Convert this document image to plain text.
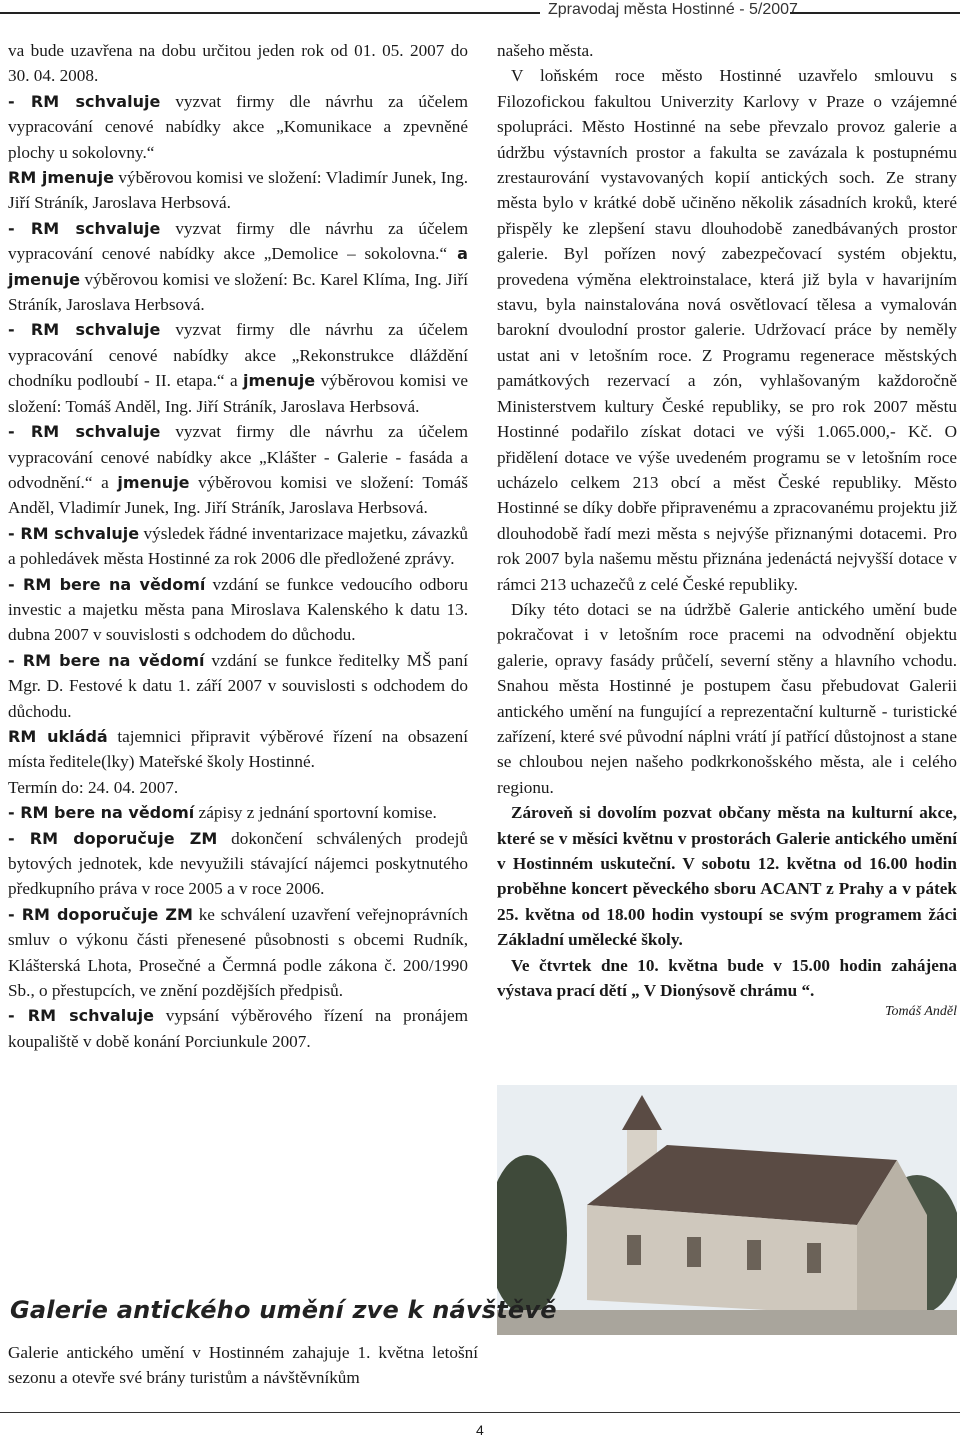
Zpravodaj města Hostinné - 5/2007

va bude uzavřena na dobu určitou jeden rok od 01. 05. 2007 do 30. 04. 2008.

- RM schvaluje vyzvat firmy dle návrhu za účelem vypracování cenové nabídky akce „Komunikace a zpevněné plochy u sokolovny.“

RM jmenuje výběrovou komisi ve složení: Vladimír Junek, Ing. Jiří Stráník, Jaroslava Herbsová.

- RM schvaluje vyzvat firmy dle návrhu za účelem vypracování cenové nabídky akce „Demolice – sokolovna.“ a jmenuje výběrovou komisi ve složení: Bc. Karel Klíma, Ing. Jiří Stráník, Jaroslava Herbsová.

- RM schvaluje vyzvat firmy dle návrhu za účelem vypracování cenové nabídky akce „Rekonstrukce dláždění chodníku podloubí - II. etapa.“ a jmenuje výběrovou komisi ve složení: Tomáš Anděl, Ing. Jiří Stráník, Jaroslava Herbsová.

- RM schvaluje vyzvat firmy dle návrhu za účelem vypracování cenové nabídky akce „Klášter - Galerie - fasáda a odvodnění.“ a jmenuje výběrovou komisi ve složení: Tomáš Anděl, Vladimír Junek, Ing. Jiří Stráník, Jaroslava Herbsová.

- RM schvaluje výsledek řádné inventarizace majetku, závazků a pohledávek města Hostinné za rok 2006 dle předložené zprávy.

- RM bere na vědomí vzdání se funkce vedoucího odboru investic a majetku města pana Miroslava Kalenského k datu 13. dubna 2007 v souvislosti s odchodem do důchodu.

- RM bere na vědomí vzdání se funkce ředitelky MŠ paní Mgr. D. Festové k datu 1. září 2007 v souvislosti s odchodem do důchodu.

RM ukládá tajemnici připravit výběrové řízení na obsazení místa ředitele(lky) Mateřské školy Hostinné.

Termín do: 24. 04. 2007.

- RM bere na vědomí zápisy z jednání sportovní komise.

- RM doporučuje ZM dokončení schválených prodejů bytových jednotek, kde nevyužili stávající nájemci poskytnutého předkupního práva v roce 2005 a v roce 2006.

- RM doporučuje ZM ke schválení uzavření veřejnoprávních smluv o výkonu části přenesené působnosti s obcemi Rudník, Klášterská Lhota, Prosečné a Čermná podle zákona č. 200/1990 Sb., o přestupcích, ve znění pozdějších předpisů.

- RM schvaluje vypsání výběrového řízení na pronájem koupaliště v době konání Porciunkule 2007.

našeho města.

V loňském roce město Hostinné uzavřelo smlouvu s Filozofickou fakultou Univerzity Karlovy v Praze o vzájemné spolupráci. Město Hostinné na sebe převzalo provoz galerie a údržbu výstavních prostor a fakulta se zavázala k postupnému zrestaurování vystavovaných kopií antických soch. Ze strany města bylo v krátké době učiněno několik zásadních kroků, které přispěly ke zlepšení stavu dlouhodobě zanedbávaných prostor galerie. Byl pořízen nový zabezpečovací systém objektu, provedena výměna elektroinstalace, která již byla v havarijním stavu, byla nainstalována nová osvětlovací tělesa a vymalován barokní dvoulodní prostor galerie. Udržovací práce by neměly ustat ani v letošním roce. Z Programu regenerace městských památkových rezervací a zón, vyhlašovaným každoročně Ministerstvem kultury České republiky, se pro rok 2007 městu Hostinné podařilo získat dotaci ve výši 1.065.000,- Kč. O přidělení dotace ve výše uvedeném programu se v letošním roce ucházelo celkem 213 obcí a měst České republiky. Město Hostinné se díky dobře připravenému a zpracovanému projektu již dlouhodobě řadí mezi města s nejvýše přiznanými dotacemi. Pro rok 2007 byla našemu městu přiznána jedenáctá nejvyšší dotace v rámci 213 uchazečů z celé České republiky.

Díky této dotaci se na údržbě Galerie antického umění bude pokračovat i v letošním roce pracemi na odvodnění objektu galerie, opravy fasády průčelí, severní stěny a hlavního vchodu. Snahou města Hostinné je postupem času přebudovat Galerii antického umění na fungující a reprezentační kulturně - turistické zařízení, které své původní náplni vrátí jí patřící důstojnost a stane se chloubou nejen našeho podkrkonošského města, ale i celého regionu.

Zároveň si dovolím pozvat občany města na kulturní akce, které se v měsíci květnu v prostorách Galerie antického umění v Hostinném uskuteční. V sobotu 12. května od 16.00 hodin proběhne koncert pěveckého sboru ACANT z Prahy a v pátek 25. května od 18.00 hodin vystoupí se svým programem žáci Základní umělecké školy.

Ve čtvrtek dne 10. května bude v 15.00 hodin zahájena výstava prací dětí „ V Dionýsově chrámu “.

Tomáš Anděl

Galerie antického umění zve k návštěvě
Galerie antického umění v Hostinném zahajuje 1. května letošní sezonu a otevře své brány turistům a návštěvníkům
4
